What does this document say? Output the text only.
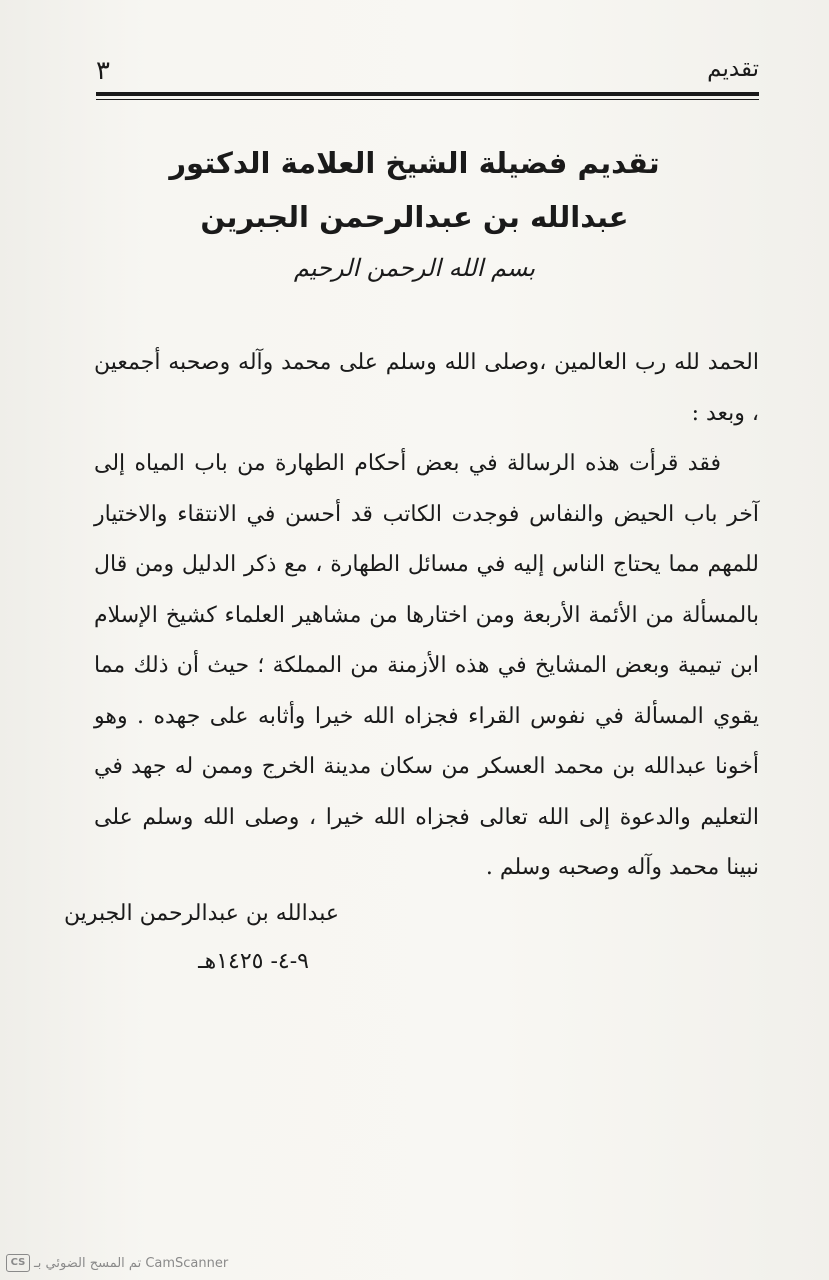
تقديم
٣
تقديم فضيلة الشيخ العلامة الدكتور
عبدالله بن عبدالرحمن الجبرين
بسم الله الرحمن الرحيم

الحمد لله رب العالمين ،وصلى الله وسلم على محمد وآله وصحبه أجمعين ، وبعد :

فقد قرأت هذه الرسالة في بعض أحكام الطهارة من باب المياه إلى آخر باب الحيض والنفاس فوجدت الكاتب قد أحسن في الانتقاء والاختيار للمهم مما يحتاج الناس إليه في مسائل الطهارة ، مع ذكر الدليل ومن قال بالمسألة من الأئمة الأربعة ومن اختارها من مشاهير العلماء كشيخ الإسلام ابن تيمية وبعض المشايخ في هذه الأزمنة من المملكة ؛ حيث أن ذلك مما يقوي المسألة في نفوس القراء فجزاه الله خيرا وأثابه على جهده . وهو أخونا عبدالله بن محمد العسكر من سكان مدينة الخرج وممن له جهد في التعليم والدعوة إلى الله تعالى فجزاه الله خيرا ، وصلى الله وسلم على نبينا محمد وآله وصحبه وسلم .

عبدالله بن عبدالرحمن الجبرين
٩-٤- ١٤٢٥هـ
CS تم المسح الضوئي بـ CamScanner
